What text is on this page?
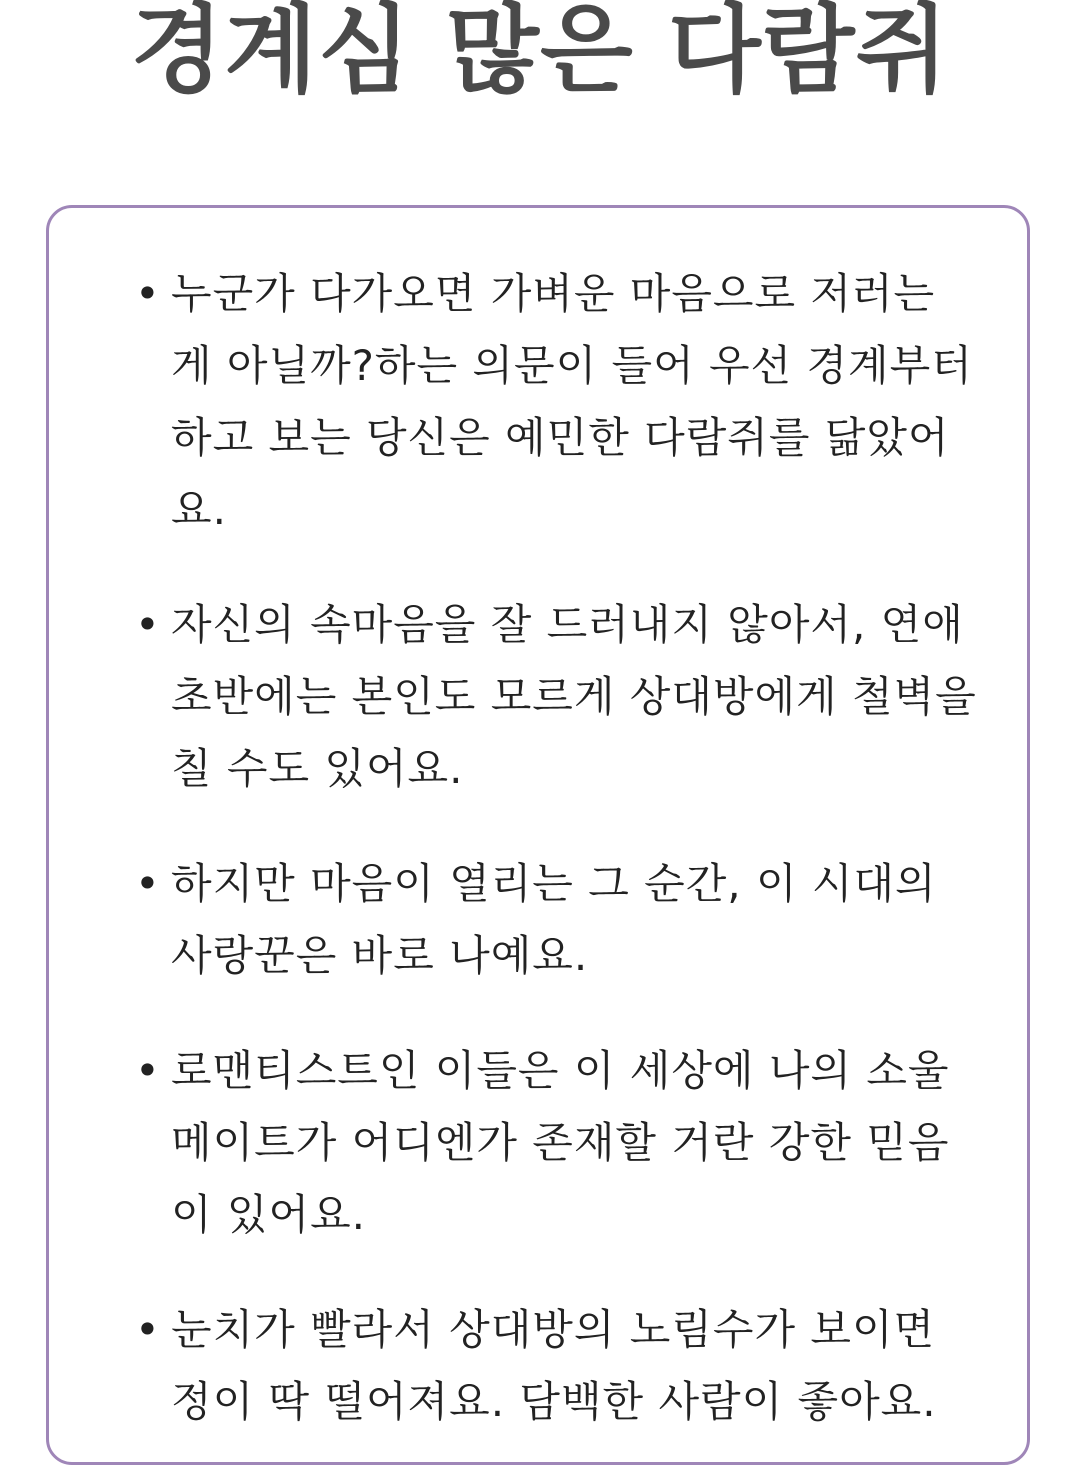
경계심 많은 다람쥐
• 누군가 다가오면 가벼운 마음으로 저러는 게 아닐까?하는 의문이 들어 우선 경계부터 하고 보는 당신은 예민한 다람쥐를 닮았어요.
• 자신의 속마음을 잘 드러내지 않아서, 연애 초반에는 본인도 모르게 상대방에게 철벽을 칠 수도 있어요.
• 하지만 마음이 열리는 그 순간, 이 시대의 사랑꾼은 바로 나예요.
• 로맨티스트인 이들은 이 세상에 나의 소울메이트가 어디엔가 존재할 거란 강한 믿음이 있어요.
• 눈치가 빨라서 상대방의 노림수가 보이면 정이 딱 떨어져요. 담백한 사람이 좋아요.
